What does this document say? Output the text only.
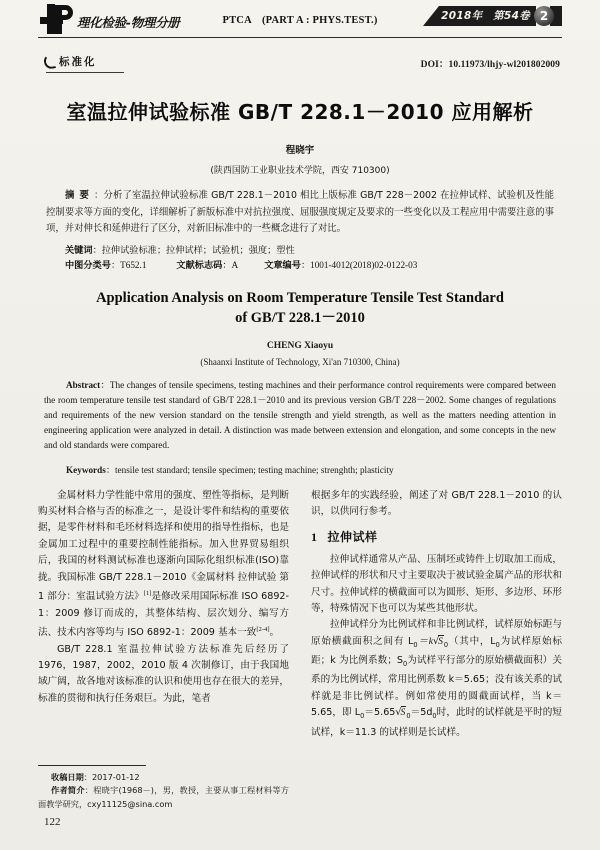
理化检验-物理分册	PTCA　(PART A : PHYS.TEST.)	2018年　第54卷 2
标准化	DOI：10.11973/lhjy-wl201802009
室温拉伸试验标准 GB/T 228.1－2010 应用解析
程晓宇
(陕西国防工业职业技术学院，西安 710300)
摘要：分析了室温拉伸试验标准 GB/T 228.1－2010 相比上版标准 GB/T 228－2002 在拉伸试样、试验机及性能控制要求等方面的变化，详细解析了新版标准中对抗拉强度、屈服强度规定及要求的一些变化以及工程应用中需要注意的事项，并对伸长和延伸进行了区分，对新旧标准中的一些概念进行了对比。
关键词：拉伸试验标准；拉伸试样；试验机；强度；塑性
中图分类号：T652.1	文献标志码：A	文章编号：1001-4012(2018)02-0122-03
Application Analysis on Room Temperature Tensile Test Standard
of GB/T 228.1－2010
CHENG Xiaoyu
(Shaanxi Institute of Technology, Xi'an 710300, China)
Abstract：The changes of tensile specimens, testing machines and their performance control requirements were compared between the room temperature tensile test standard of GB/T 228.1－2010 and its previous version GB/T 228－2002. Some changes of regulations and requirements of the new version standard on the tensile strength and yield strength, as well as the matters needing attention in engineering application were analyzed in detail. A distinction was made between extension and elongation, and some concepts in the new and old standards were compared.
Keywords：tensile test standard; tensile specimen; testing machine; strenghth; plasticity

金属材料力学性能中常用的强度、塑性等指标，是判断购买材料合格与否的标准之一，是设计零件和结构的重要依据，是零件材料和毛坯材料选择和使用的指导性指标，也是金属加工过程中的重要控制性能指标。加入世界贸易组织后，我国的材料测试标准也逐渐向国际化组织标准(ISO)靠拢。我国标准 GB/T 228.1－2010《金属材料 拉伸试验 第 1 部分：室温试验方法》[1]是修改采用国际标准 ISO 6892-1：2009 修订而成的，其整体结构、层次划分、编写方法、技术内容等均与 ISO 6892-1：2009 基本一致[2-4]。

GB/T 228.1 室温拉伸试验方法标准先后经历了 1976，1987，2002，2010 版 4 次制修订，由于我国地域广阔，故各地对该标准的认识和使用也存在很大的差异，标准的贯彻和执行任务艰巨。为此，笔者

根据多年的实践经验，阐述了对 GB/T 228.1－2010 的认识，以供同行参考。

1 拉伸试样

拉伸试样通常从产品、压制坯或铸件上切取加工而成，拉伸试样的形状和尺寸主要取决于被试验金属产品的形状和尺寸。拉伸试样的横截面可以为圆形、矩形、多边形、环形等，特殊情况下也可以为某些其他形状。

拉伸试样分为比例试样和非比例试样，试样原始标距与原始横截面积之间有 $L_0=k√S_0$（其中，$L_0$为试样原始标距；k 为比例系数；$S_0$为试样平行部分的原始横截面积）关系的为比例试样，常用比例系数 k＝5.65；没有该关系的试样就是非比例试样。例如常使用的圆截面试样，当 k＝5.65，即 $L_0=5.65√S_0=5d_0$时，此时的试样就是平时的短试样，k＝11.3 的试样则是长试样。

收稿日期：2017-01-12
作者简介：程晓宇(1968－)，男，教授，主要从事工程材料等方面教学研究，cxy11125@sina.com
122
